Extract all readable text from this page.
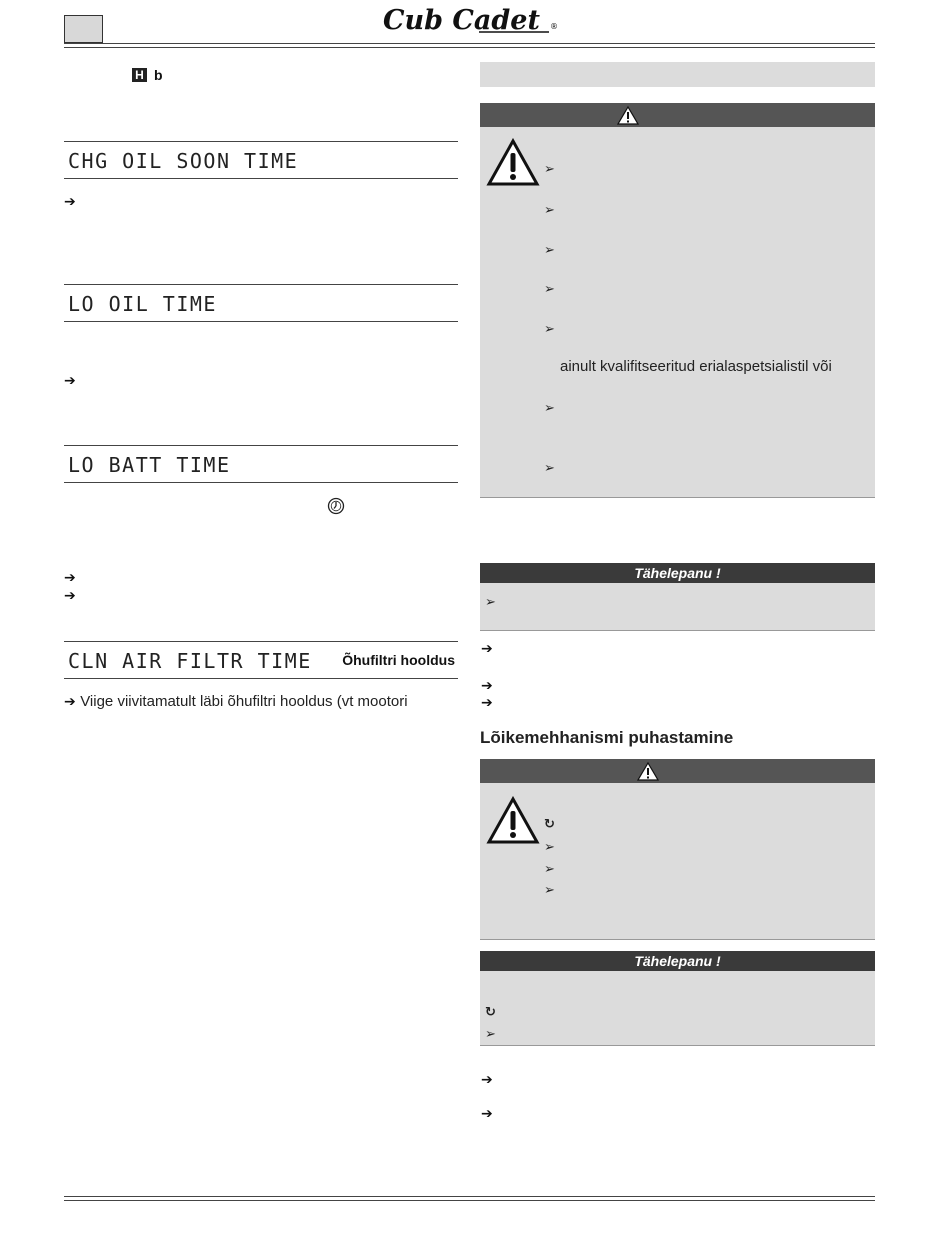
Cub Cadet ®
H b
CHG OIL SOON TIME
➔
LO OIL TIME
➔
LO BATT TIME
➔
➔
CLN AIR FILTR TIME Õhufiltri hooldus
➔ Viige viivitamatult läbi õhufiltri hooldus (vt mootori
➢
➢
➢
➢
➢
ainult kvalifitseeritud erialaspetsialistil või
➢
➢
Tähelepanu !
➢
➔
➔
➔
Lõikemehhanismi puhastamine
↻
➢
➢
➢
Tähelepanu !
↻
➢
➔
➔
